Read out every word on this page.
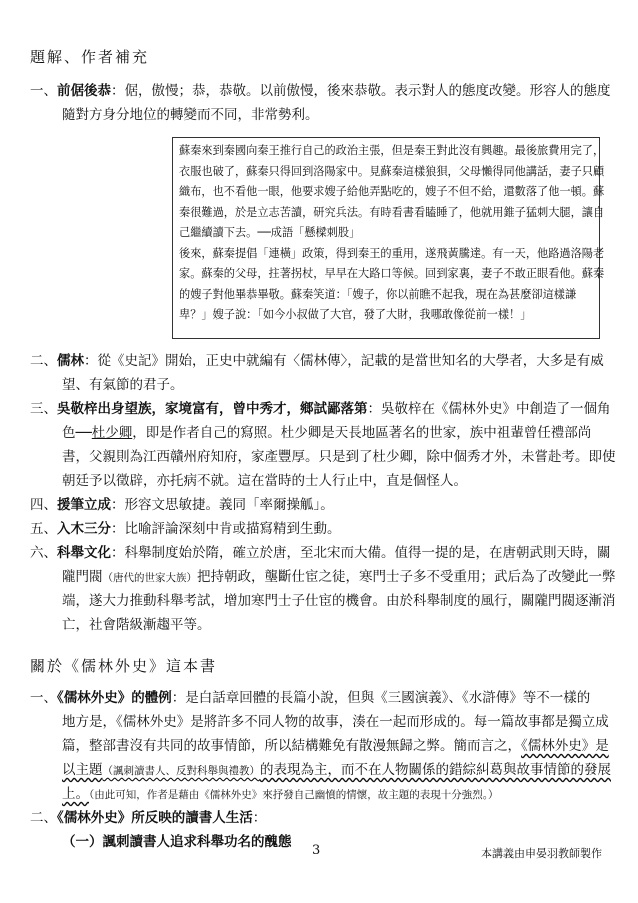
題解、作者補充
一、前倨後恭：倨，傲慢；恭，恭敬。以前傲慢，後來恭敬。表示對人的態度改變。形容人的態度
隨對方身分地位的轉變而不同，非常勢利。
蘇秦來到秦國向秦王推行自己的政治主張，但是秦王對此沒有興趣。最後旅費用完了，
衣服也破了，蘇秦只得回到洛陽家中。見蘇秦這樣狼狽，父母懶得同他講話，妻子只顧
織布，也不看他一眼，他要求嫂子給他弄點吃的，嫂子不但不給，還數落了他一頓。蘇
秦很難過，於是立志苦讀，研究兵法。有時看書看瞌睡了，他就用錐子猛刺大腿，讓自
己繼續讀下去。──成語「懸樑刺股」
後來，蘇秦提倡「連橫」政策，得到秦王的重用，遂飛黃騰達。有一天，他路過洛陽老
家。蘇秦的父母，拄著拐杖，早早在大路口等候。回到家裏，妻子不敢正眼看他。蘇秦
的嫂子對他畢恭畢敬。蘇秦笑道：「嫂子，你以前瞧不起我，現在為甚麼卻這樣謙
卑？」嫂子說：「如今小叔做了大官，發了大財，我哪敢像從前一樣！」
二、儒林：從《史記》開始，正史中就編有〈儒林傳〉，記載的是當世知名的大學者，大多是有威
望、有氣節的君子。
三、吳敬梓出身望族，家境富有，曾中秀才，鄉試鄙落第：吳敬梓在《儒林外史》中創造了一個角
色──杜少卿，即是作者自己的寫照。杜少卿是天長地區著名的世家，族中祖輩曾任禮部尚
書，父親則為江西贛州府知府，家產豐厚。只是到了杜少卿，除中個秀才外，未嘗赴考。即使
朝廷予以徵辟，亦托病不就。這在當時的士人行止中，直是個怪人。
四、援筆立成：形容文思敏捷。義同「率爾操觚」。
五、入木三分：比喻評論深刻中肯或描寫精到生動。
六、科舉文化：科舉制度始於隋，確立於唐，至北宋而大備。值得一提的是，在唐朝武則天時，關
隴門閥（唐代的世家大族）把持朝政，壟斷仕宦之徒，寒門士子多不受重用；武后為了改變此一弊
端，遂大力推動科舉考試，增加寒門士子仕宦的機會。由於科舉制度的風行，關隴門閥逐漸消
亡，社會階級漸趨平等。
關於《儒林外史》這本書
一、《儒林外史》的體例：是白話章回體的長篇小說，但與《三國演義》、《水滸傳》等不一樣的
地方是，《儒林外史》是將許多不同人物的故事，湊在一起而形成的。每一篇故事都是獨立成
篇，整部書沒有共同的故事情節，所以結構難免有散漫無歸之弊。簡而言之，《儒林外史》是
以主題（諷刺讀書人、反對科舉與禮教）的表現為主，而不在人物關係的錯綜糾葛與故事情節的發展
上。（由此可知，作者是藉由《儒林外史》來抒發自己幽憤的情懷，故主題的表現十分強烈。）
二、《儒林外史》所反映的讀書人生活：
（一）諷刺讀書人追求科舉功名的醜態
3	本講義由申晏羽教師製作
